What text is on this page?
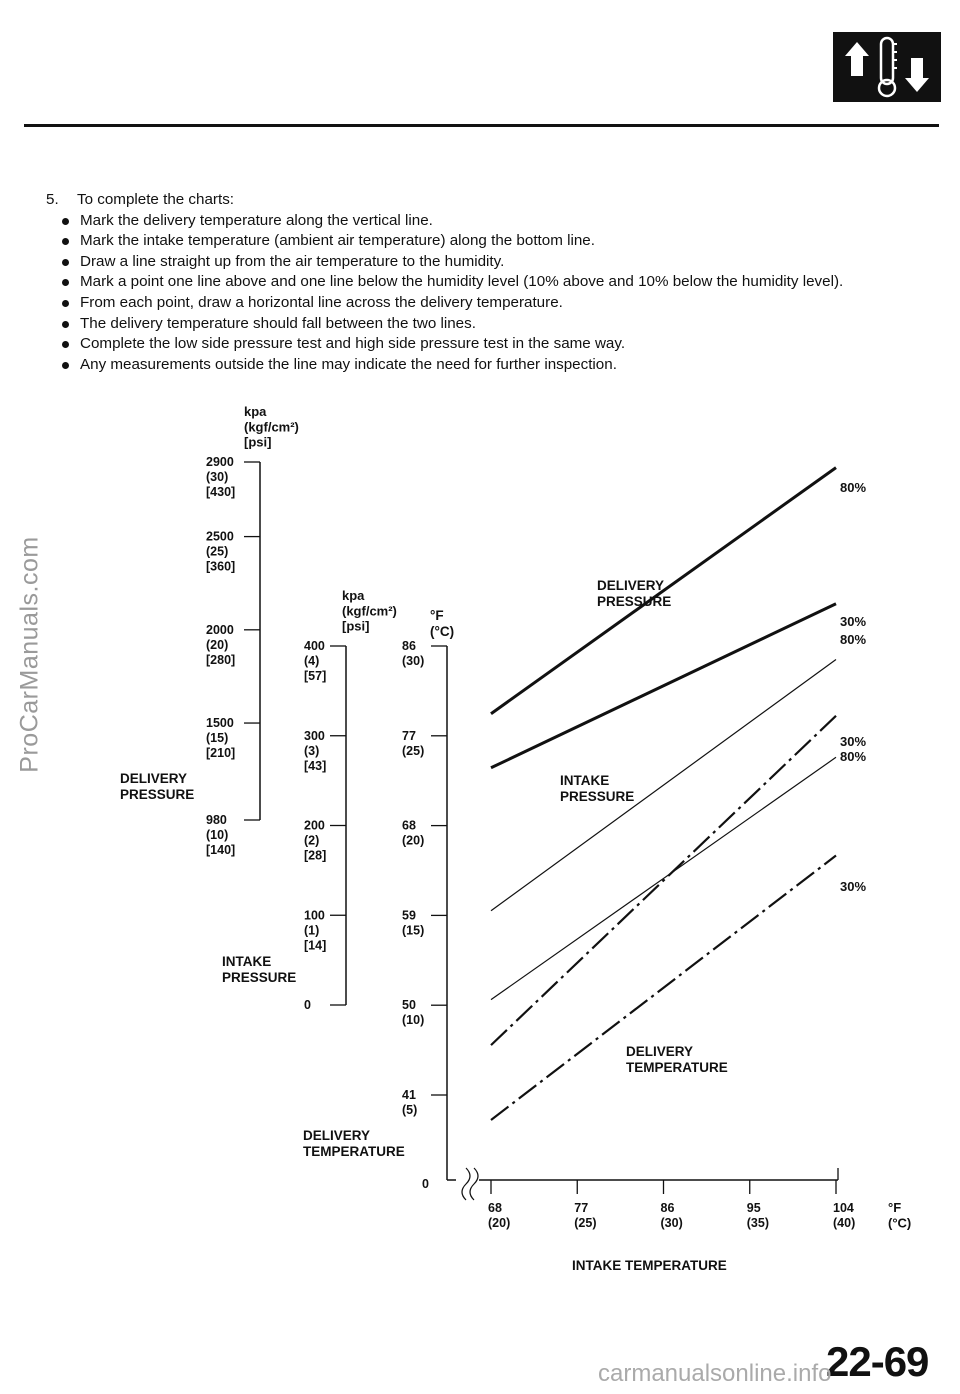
ProCarManuals.com
5.	To complete the charts:
Mark the delivery temperature along the vertical line.
Mark the intake temperature (ambient air temperature) along the bottom line.
Draw a line straight up from the air temperature to the humidity.
Mark a point one line above and one line below the humidity level (10% above and 10% below the humidity level).
From each point, draw a horizontal line across the delivery temperature.
The delivery temperature should fall between the two lines.
Complete the low side pressure test and high side pressure test in the same way.
Any measurements outside the line may indicate the need for further inspection.
2900 (30) [430]
2500 (25) [360]
2000 (20) [280]
1500 (15) [210]
980 (10) [140]
kpa (kgf/cm²) [psi]
DELIVERY PRESSURE
400 (4) [57]
300 (3) [43]
200 (2) [28]
100 (1) [14]
0
kpa (kgf/cm²) [psi]
INTAKE PRESSURE
86 (30)
77 (25)
68 (20)
59 (15)
50 (10)
41 (5)
°F (°C)
DELIVERY TEMPERATURE
0
68 (20)
77 (25)
86 (30)
95 (35)
104 (40)
°F (°C)
INTAKE TEMPERATURE
80%
30%
80%
30%
80%
30%
DELIVERY PRESSURE
INTAKE PRESSURE
DELIVERY TEMPERATURE
22-69
carmanualsonline.info
